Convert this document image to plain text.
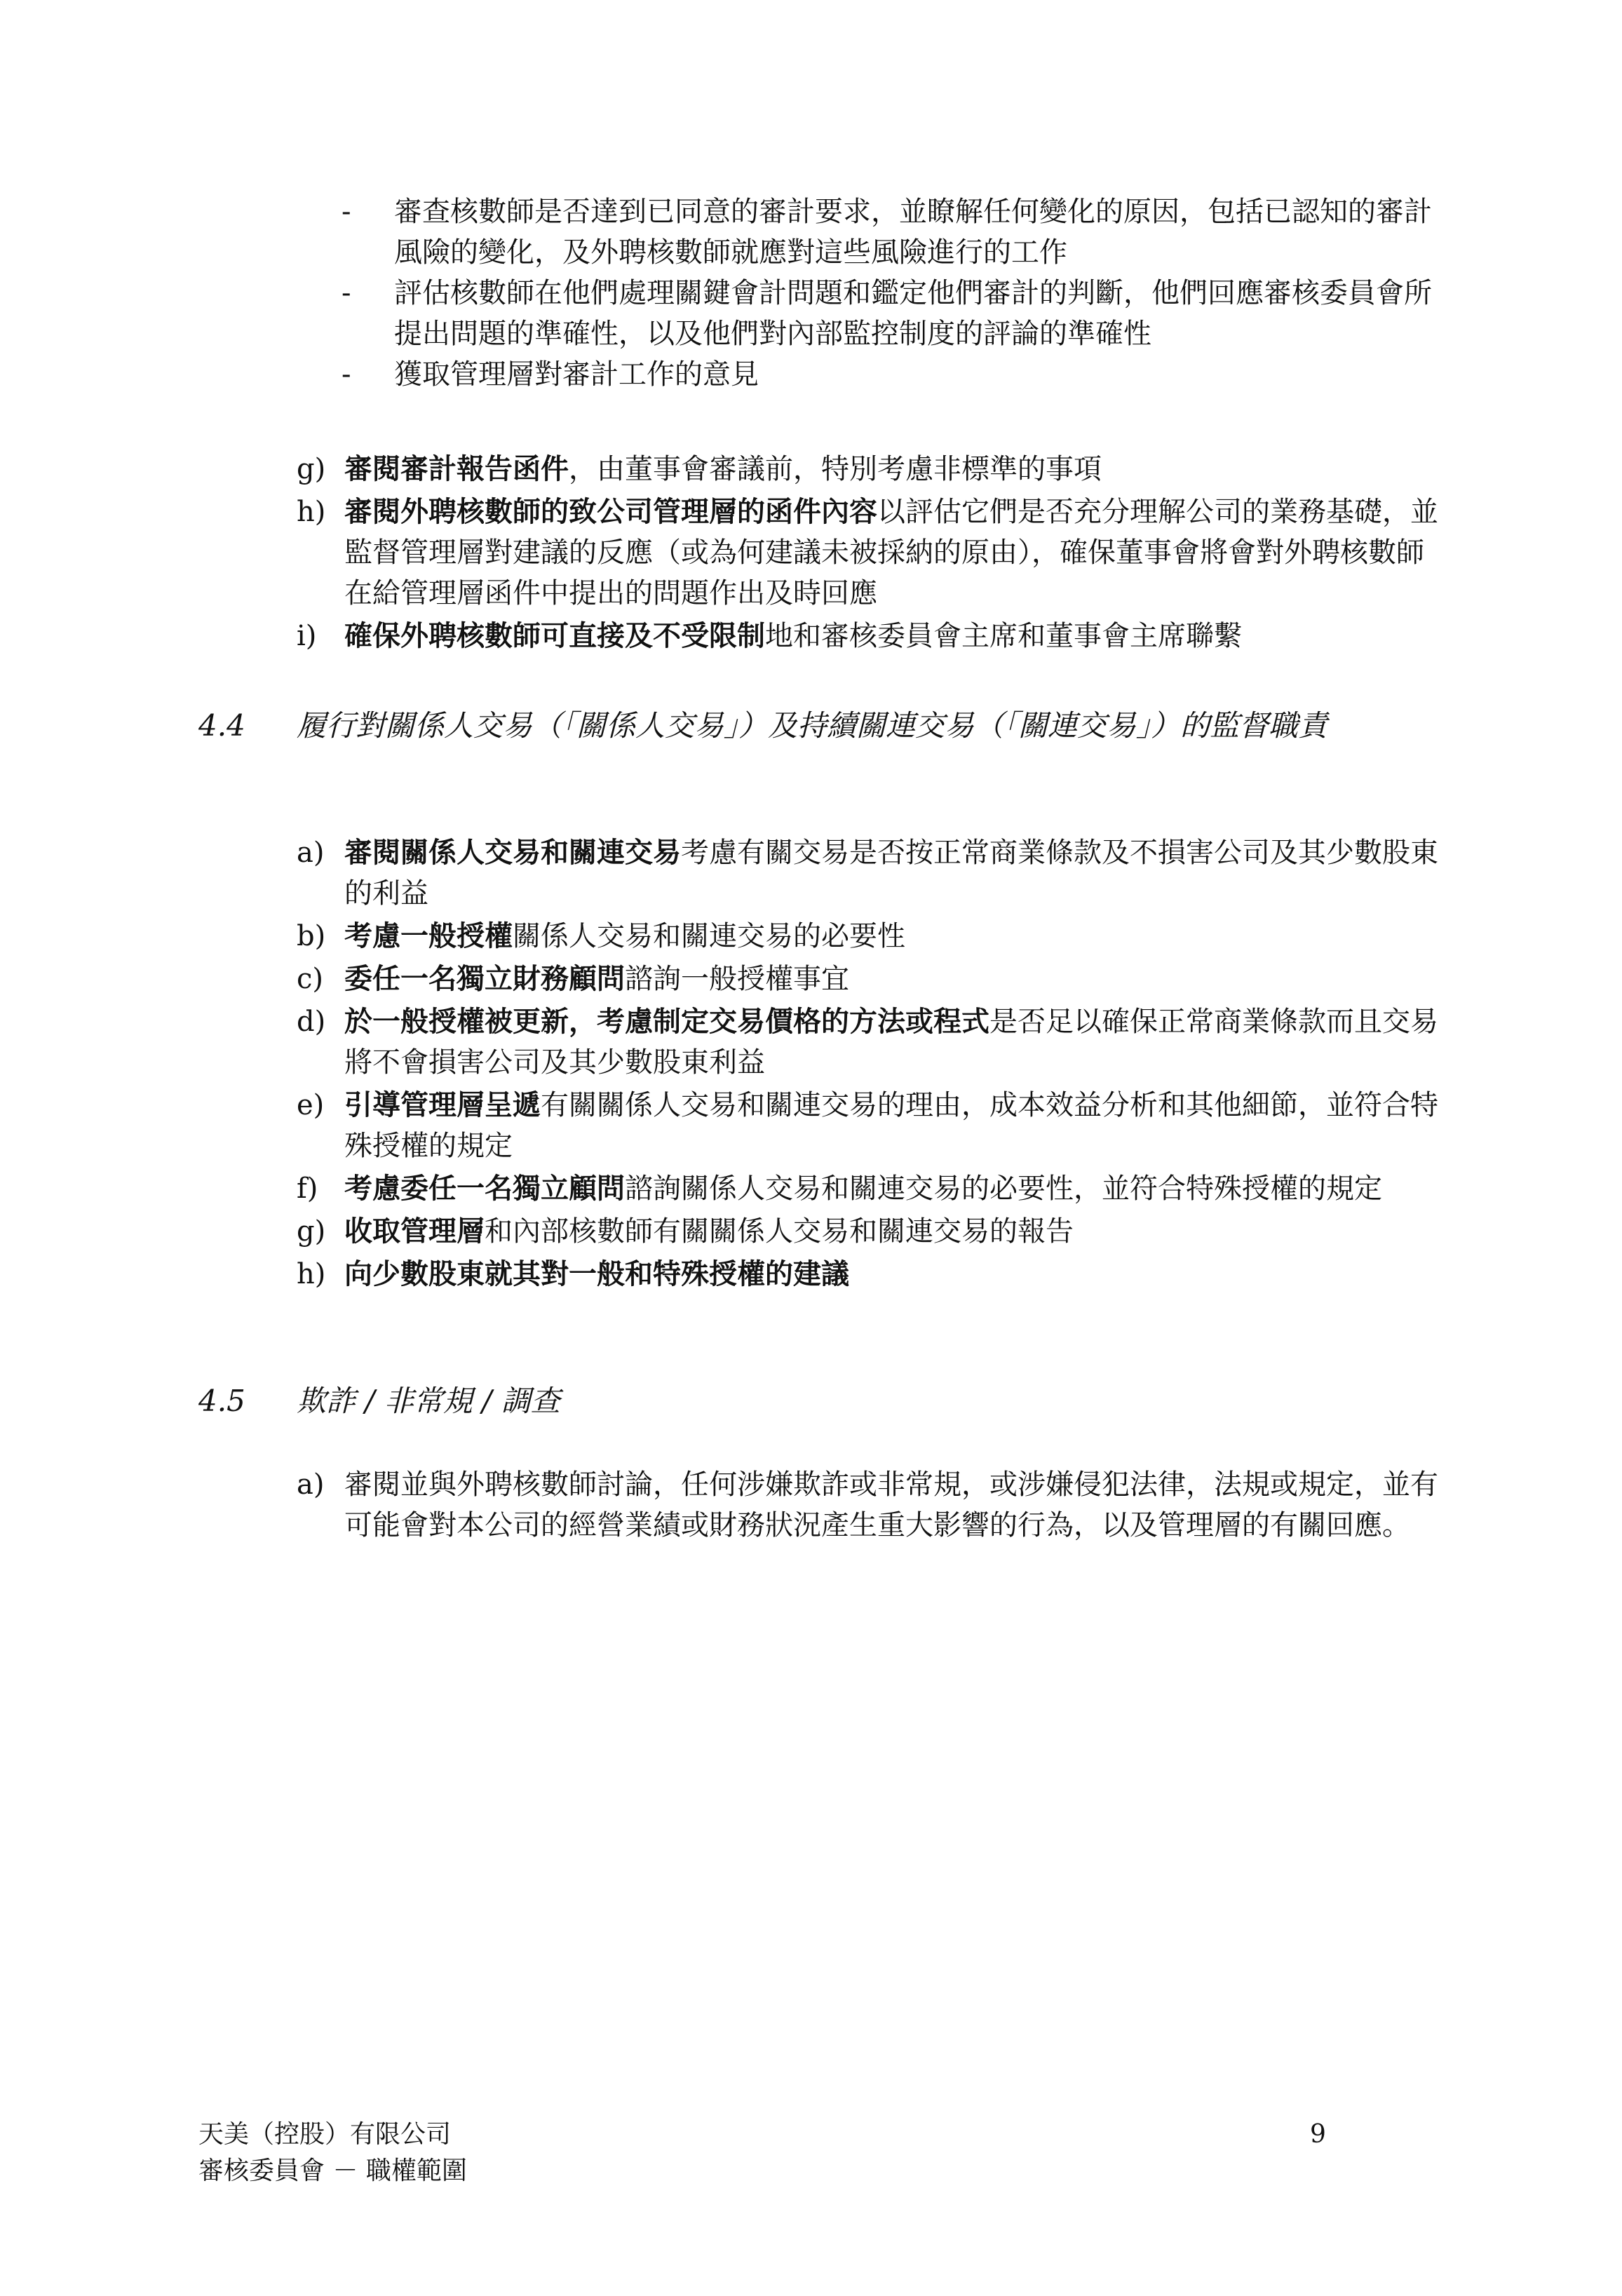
-	審查核數師是否達到已同意的審計要求，並瞭解任何變化的原因，包括已認知的審計風險的變化，及外聘核數師就應對這些風險進行的工作
-	評估核數師在他們處理關鍵會計問題和鑑定他們審計的判斷，他們回應審核委員會所提出問題的準確性，以及他們對內部監控制度的評論的準確性
-	獲取管理層對審計工作的意見
g) 審閱審計報告函件，由董事會審議前，特別考慮非標準的事項
h) 審閱外聘核數師的致公司管理層的函件內容以評估它們是否充分理解公司的業務基礎，並監督管理層對建議的反應（或為何建議未被採納的原由），確保董事會將會對外聘核數師在給管理層函件中提出的問題作出及時回應
i) 確保外聘核數師可直接及不受限制地和審核委員會主席和董事會主席聯繫
4.4	履行對關係人交易（「關係人交易」）及持續關連交易（「關連交易」）的監督職責
a) 審閱關係人交易和關連交易考慮有關交易是否按正常商業條款及不損害公司及其少數股東的利益
b) 考慮一般授權關係人交易和關連交易的必要性
c) 委任一名獨立財務顧問諮詢一般授權事宜
d) 於一般授權被更新，考慮制定交易價格的方法或程式是否足以確保正常商業條款而且交易將不會損害公司及其少數股東利益
e) 引導管理層呈遞有關關係人交易和關連交易的理由，成本效益分析和其他細節，並符合特殊授權的規定
f) 考慮委任一名獨立顧問諮詢關係人交易和關連交易的必要性，並符合特殊授權的規定
g) 收取管理層和內部核數師有關關係人交易和關連交易的報告
h) 向少數股東就其對一般和特殊授權的建議
4.5	欺詐 / 非常規 / 調查
a) 審閱並與外聘核數師討論，任何涉嫌欺詐或非常規，或涉嫌侵犯法律，法規或規定，並有可能會對本公司的經營業績或財務狀況產生重大影響的行為，以及管理層的有關回應。
天美（控股）有限公司
審核委員會 － 職權範圍
9
